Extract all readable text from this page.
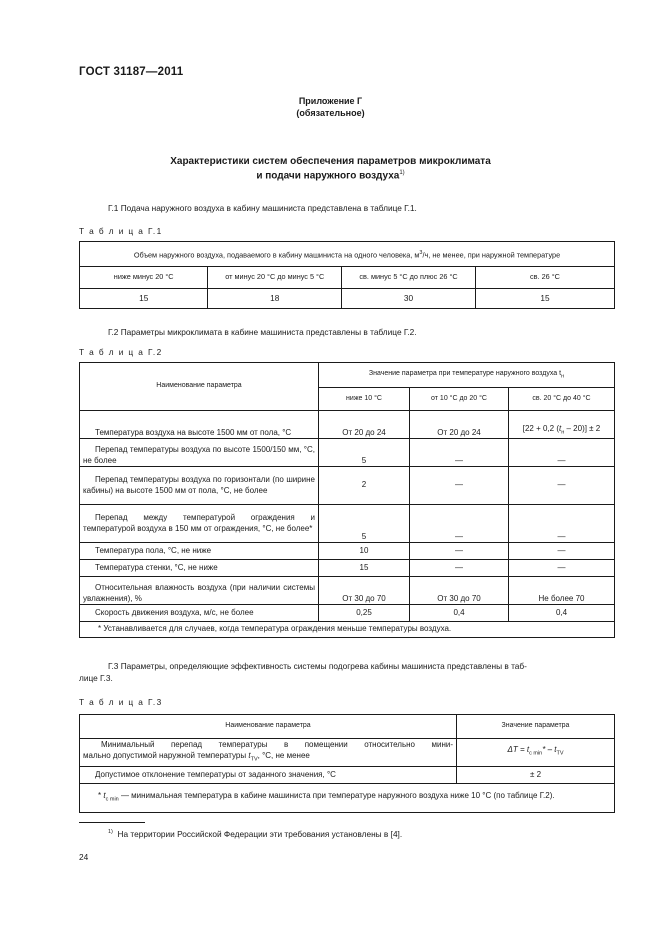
ГОСТ 31187—2011
Приложение Г
(обязательное)
Характеристики систем обеспечения параметров микроклимата
и подачи наружного воздуха$^{1)}$
Г.1 Подача наружного воздуха в кабину машиниста представлена в таблице Г.1.
Т а б л и ц а Г.1
Объем наружного воздуха, подаваемого в кабину машиниста на одного человека, $м^3/ч$, не менее, при наружной температуре			
ниже минус 20 °С	от минус 20 °С до минус 5 °С	св. минус 5 °С до плюс 26 °С	св. 26 °С
15	18	30	15
Г.2 Параметры микроклимата в кабине машиниста представлены в таблице Г.2.
Т а б л и ц а Г.2
Наименование параметра	Значение параметра при температуре наружного воздуха $t_н$
	ниже 10 °С	от 10 °С до 20 °С	св. 20 °С до 40 °С
Температура воздуха на высоте 1500 мм от пола, °С	От 20 до 24	От 20 до 24	[22 + 0,2 $(t_н - 20)] \pm 2$
Перепад температуры воздуха по высоте 1500/150 мм, °С, не более	5	—	—
Перепад температуры воздуха по горизонтали (по ширине кабины) на высоте 1500 мм от пола, °С, не более	2	—	—
Перепад между температурой ограждения и температурой воздуха в 150 мм от ограждения, °С, не более*	5	—	—
Температура пола, °С, не ниже	10	—	—
Температура стенки, °С, не ниже	15	—	—
Относительная влажность воздуха (при наличии системы увлажнения), %	От 30 до 70	От 30 до 70	Не более 70
Скорость движения воздуха, м/с, не более	0,25	0,4	0,4
* Устанавливается для случаев, когда температура ограждения меньше температуры воздуха.			
Г.3 Параметры, определяющие эффективность системы подогрева кабины машиниста представлены в таб-
лице Г.3.
Т а б л и ц а Г.3
Наименование параметра	Значение параметра

Минимальный перепад температуры в помещении относительно мини-
мально допустимой наружной температуры $t_{TV}$, °С, не менее	$\Delta T = t_{c min}* - t_{TV}$
Допустимое отклонение температуры от заданного значения, °С	± 2
* $t_{c min}$ — минимальная температура в кабине машиниста при температуре наружного воздуха ниже 10 °С (по таблице Г.2).	
$^{1)}$ На территории Российской Федерации эти требования установлены в [4].
24
